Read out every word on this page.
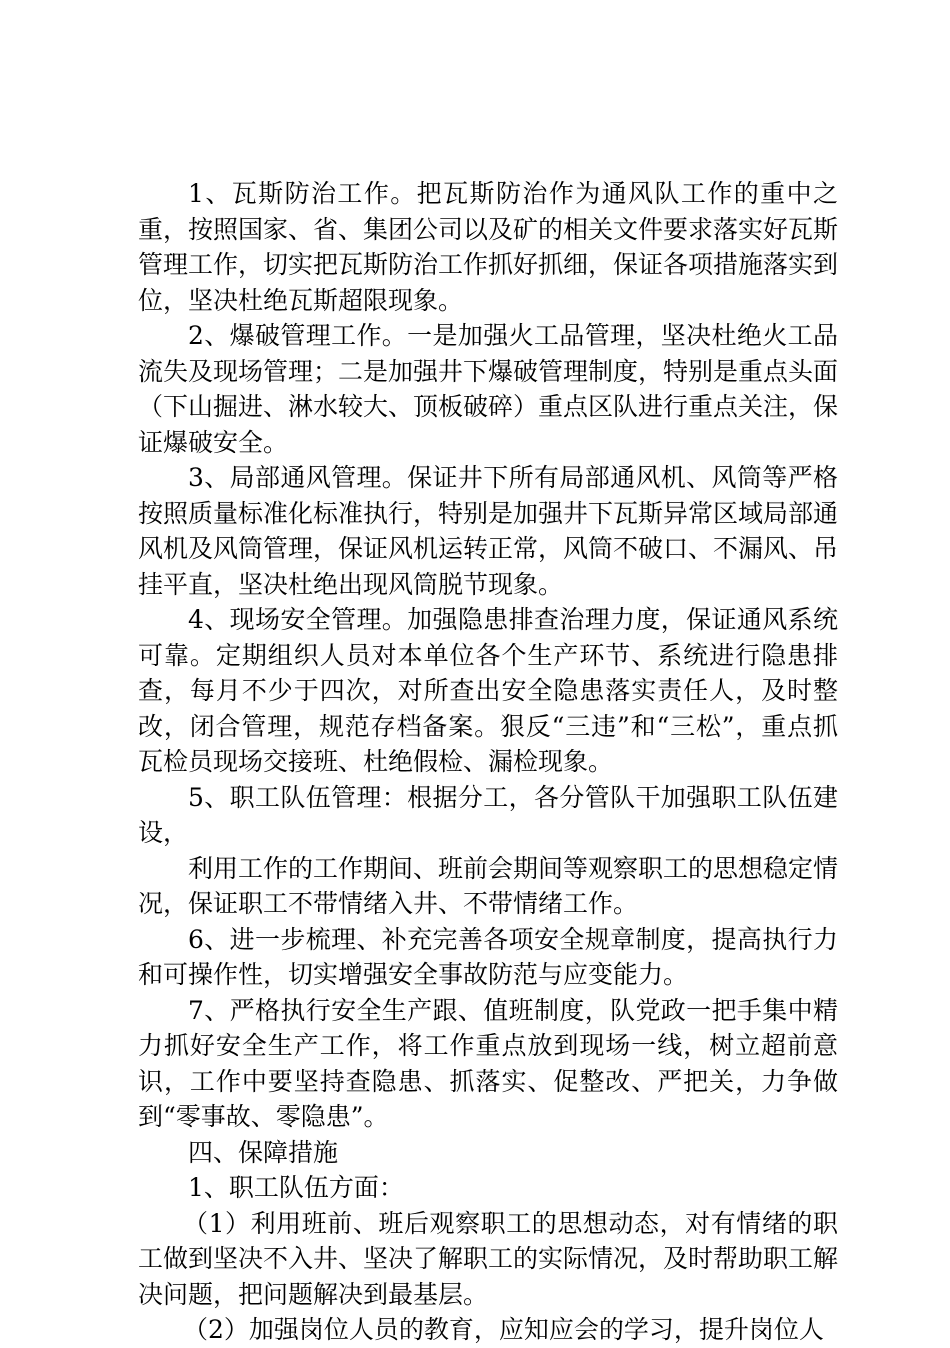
1、瓦斯防治工作。把瓦斯防治作为通风队工作的重中之重，按照国家、省、集团公司以及矿的相关文件要求落实好瓦斯管理工作，切实把瓦斯防治工作抓好抓细，保证各项措施落实到位，坚决杜绝瓦斯超限现象。

2、爆破管理工作。一是加强火工品管理，坚决杜绝火工品流失及现场管理；二是加强井下爆破管理制度，特别是重点头面（下山掘进、淋水较大、顶板破碎）重点区队进行重点关注，保证爆破安全。

3、局部通风管理。保证井下所有局部通风机、风筒等严格按照质量标准化标准执行，特别是加强井下瓦斯异常区域局部通风机及风筒管理，保证风机运转正常，风筒不破口、不漏风、吊挂平直，坚决杜绝出现风筒脱节现象。

4、现场安全管理。加强隐患排查治理力度，保证通风系统可靠。定期组织人员对本单位各个生产环节、系统进行隐患排查，每月不少于四次，对所查出安全隐患落实责任人，及时整改，闭合管理，规范存档备案。狠反“三违”和“三松”，重点抓瓦检员现场交接班、杜绝假检、漏检现象。

5、职工队伍管理：根据分工，各分管队干加强职工队伍建设，

利用工作的工作期间、班前会期间等观察职工的思想稳定情况，保证职工不带情绪入井、不带情绪工作。

6、进一步梳理、补充完善各项安全规章制度，提高执行力和可操作性，切实增强安全事故防范与应变能力。

7、严格执行安全生产跟、值班制度，队党政一把手集中精力抓好安全生产工作，将工作重点放到现场一线，树立超前意识，工作中要坚持查隐患、抓落实、促整改、严把关，力争做到“零事故、零隐患”。

四、保障措施

1、职工队伍方面：

（1）利用班前、班后观察职工的思想动态，对有情绪的职工做到坚决不入井、坚决了解职工的实际情况，及时帮助职工解决问题，把问题解决到最基层。

（2）加强岗位人员的教育，应知应会的学习，提升岗位人
